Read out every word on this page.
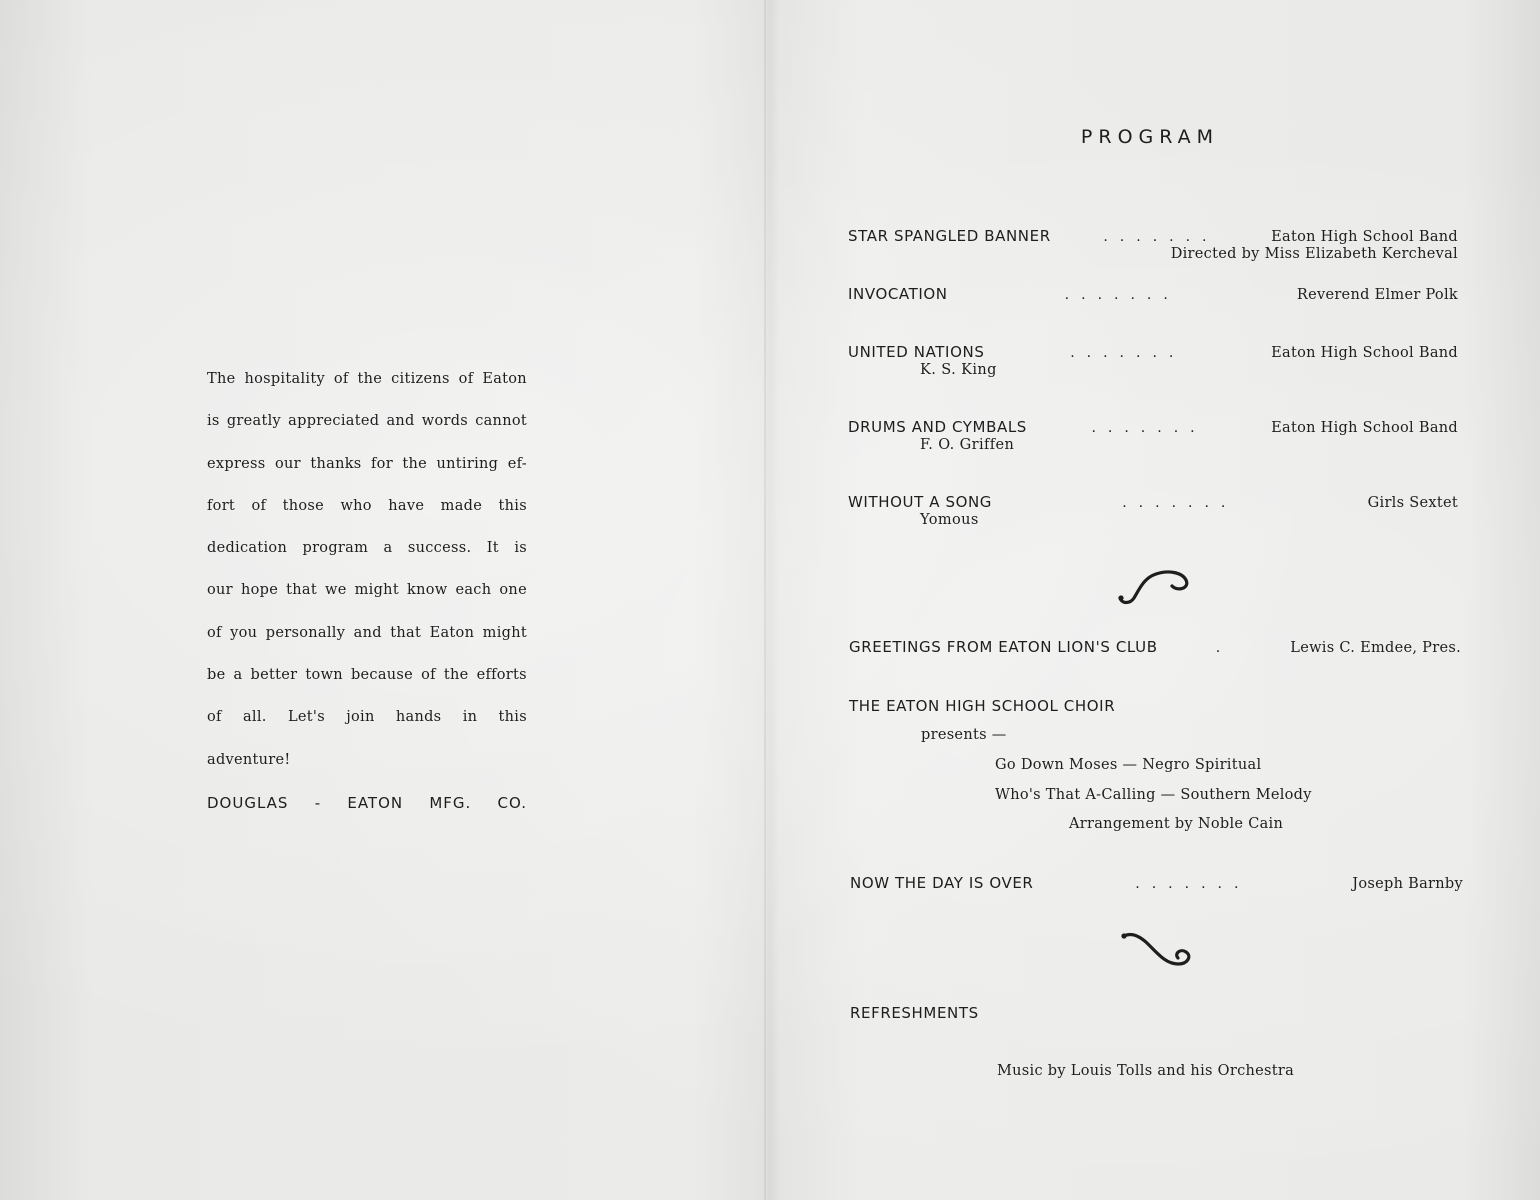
The hospitality of the citizens of Eaton
is greatly appreciated and words cannot
express our thanks for the untiring ef-
fort of those who have made this
dedication program a success. It is
our hope that we might know each one
of you personally and that Eaton might
be a better town because of the efforts
of all. Let's join hands in this
adventure!
DOUGLAS - EATON MFG. CO.
PROGRAM
STAR SPANGLED BANNER	.......	Eaton High School Band
Directed by Miss Elizabeth Kercheval
INVOCATION	.......	Reverend Elmer Polk
UNITED NATIONS	.......	Eaton High School Band
K. S. King
DRUMS AND CYMBALS	.......	Eaton High School Band
F. O. Griffen
WITHOUT A SONG	.......	Girls Sextet
Yomous
GREETINGS FROM EATON LION'S CLUB	.	Lewis C. Emdee, Pres.
THE EATON HIGH SCHOOL CHOIR
presents —
Go Down Moses — Negro Spiritual
Who's That A-Calling — Southern Melody
Arrangement by Noble Cain
NOW THE DAY IS OVER	.......	Joseph Barnby
REFRESHMENTS
Music by Louis Tolls and his Orchestra
